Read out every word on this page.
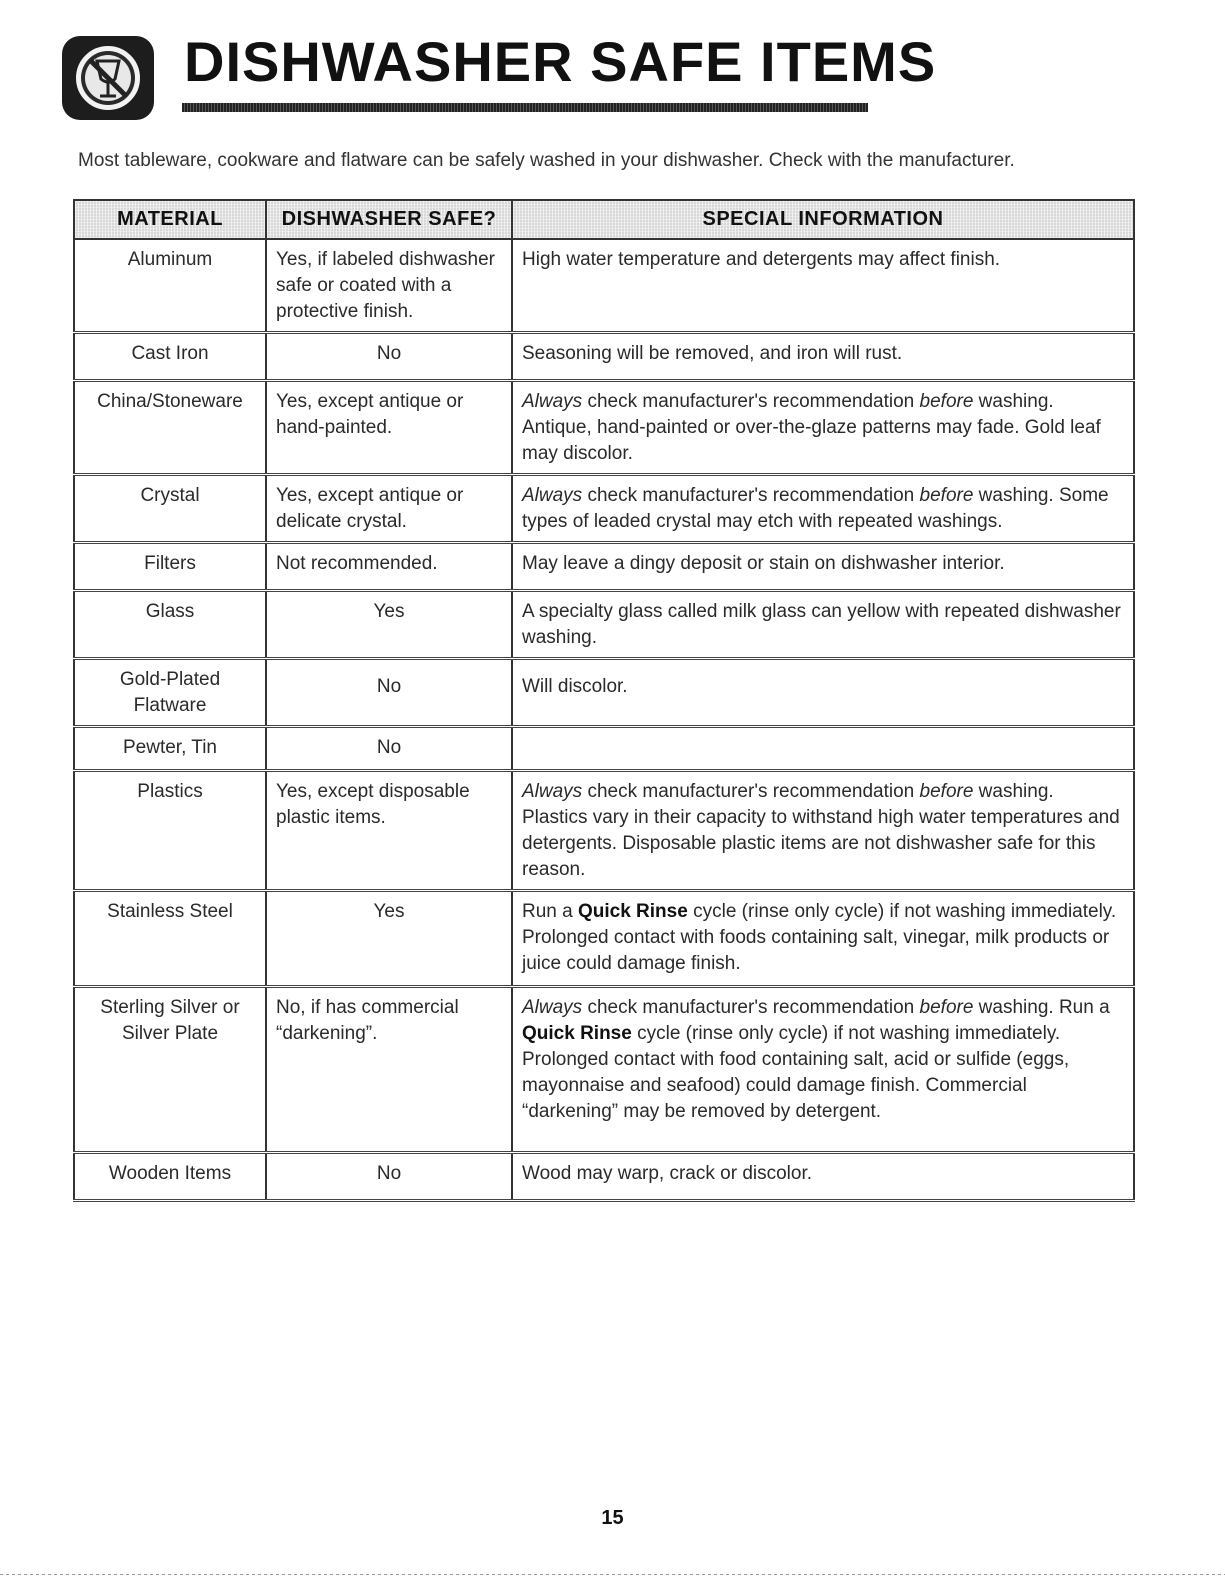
DISHWASHER SAFE ITEMS
Most tableware, cookware and flatware can be safely washed in your dishwasher. Check with the manufacturer.
MATERIAL	DISHWASHER SAFE?	SPECIAL INFORMATION
Aluminum	Yes, if labeled dishwasher safe or coated with a protective finish.	High water temperature and detergents may affect finish.
Cast Iron	No	Seasoning will be removed, and iron will rust.
China/Stoneware	Yes, except antique or hand-painted.	Always check manufacturer's recommendation before washing. Antique, hand-painted or over-the-glaze patterns may fade. Gold leaf may discolor.
Crystal	Yes, except antique or delicate crystal.	Always check manufacturer's recommendation before washing. Some types of leaded crystal may etch with repeated washings.
Filters	Not recommended.	May leave a dingy deposit or stain on dishwasher interior.
Glass	Yes	A specialty glass called milk glass can yellow with repeated dishwasher washing.
Gold-Plated Flatware	No	Will discolor.
Pewter, Tin	No	
Plastics	Yes, except disposable plastic items.	Always check manufacturer's recommendation before washing. Plastics vary in their capacity to withstand high water temperatures and detergents. Disposable plastic items are not dishwasher safe for this reason.
Stainless Steel	Yes	Run a Quick Rinse cycle (rinse only cycle) if not washing immediately. Prolonged contact with foods containing salt, vinegar, milk products or juice could damage finish.
Sterling Silver or Silver Plate	No, if has commercial “darkening”.	Always check manufacturer's recommendation before washing. Run a Quick Rinse cycle (rinse only cycle) if not washing immediately. Prolonged contact with food containing salt, acid or sulfide (eggs, mayonnaise and seafood) could damage finish. Commercial “darkening” may be removed by detergent.
Wooden Items	No	Wood may warp, crack or discolor.
15
